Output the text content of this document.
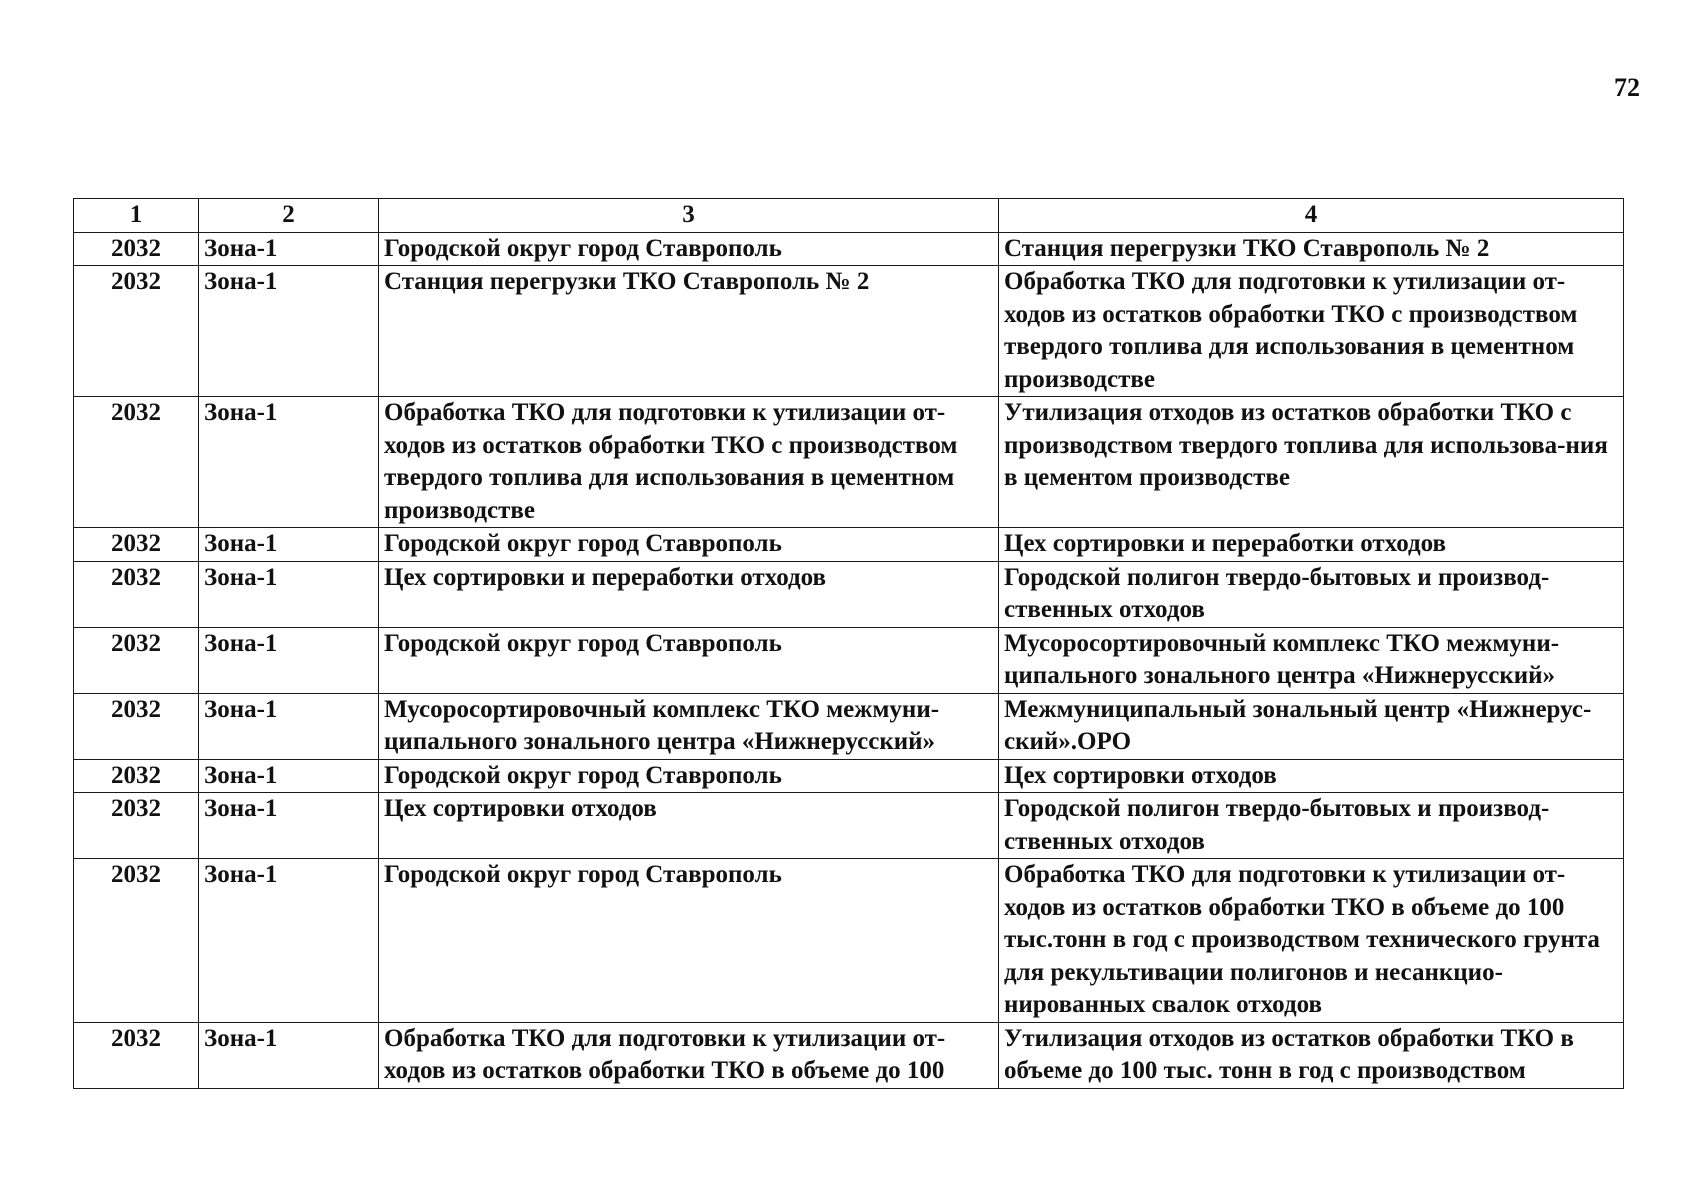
72
1	2	3	4
2032	Зона-1	Городской округ город Ставрополь	Станция перегрузки ТКО Ставрополь № 2
2032	Зона-1	Станция перегрузки ТКО Ставрополь № 2	Обработка ТКО для подготовки к утилизации от-ходов из остатков обработки ТКО с производством твердого топлива для использования в цементном производстве
2032	Зона-1	Обработка ТКО для подготовки к утилизации от-ходов из остатков обработки ТКО с производством твердого топлива для использования в цементном производстве	Утилизация отходов из остатков обработки ТКО с производством твердого топлива для использова-ния в цементом производстве
2032	Зона-1	Городской округ город Ставрополь	Цех сортировки и переработки отходов
2032	Зона-1	Цех сортировки и переработки отходов	Городской полигон твердо-бытовых и производ-ственных отходов
2032	Зона-1	Городской округ город Ставрополь	Мусоросортировочный комплекс ТКО межмуни-ципального зонального центра «Нижнерусский»
2032	Зона-1	Мусоросортировочный комплекс ТКО межмуни-ципального зонального центра «Нижнерусский»	Межмуниципальный зональный центр «Нижнерус-ский».ОРО
2032	Зона-1	Городской округ город Ставрополь	Цех сортировки отходов
2032	Зона-1	Цех сортировки отходов	Городской полигон твердо-бытовых и производ-ственных отходов
2032	Зона-1	Городской округ город Ставрополь	Обработка ТКО для подготовки к утилизации от-ходов из остатков обработки ТКО в объеме до 100 тыс.тонн в год с производством технического грунта для рекультивации полигонов и несанкцио-нированных свалок отходов
2032	Зона-1	Обработка ТКО для подготовки к утилизации от-ходов из остатков обработки ТКО в объеме до 100	Утилизация отходов из остатков обработки ТКО в объеме до 100 тыс. тонн в год с производством
